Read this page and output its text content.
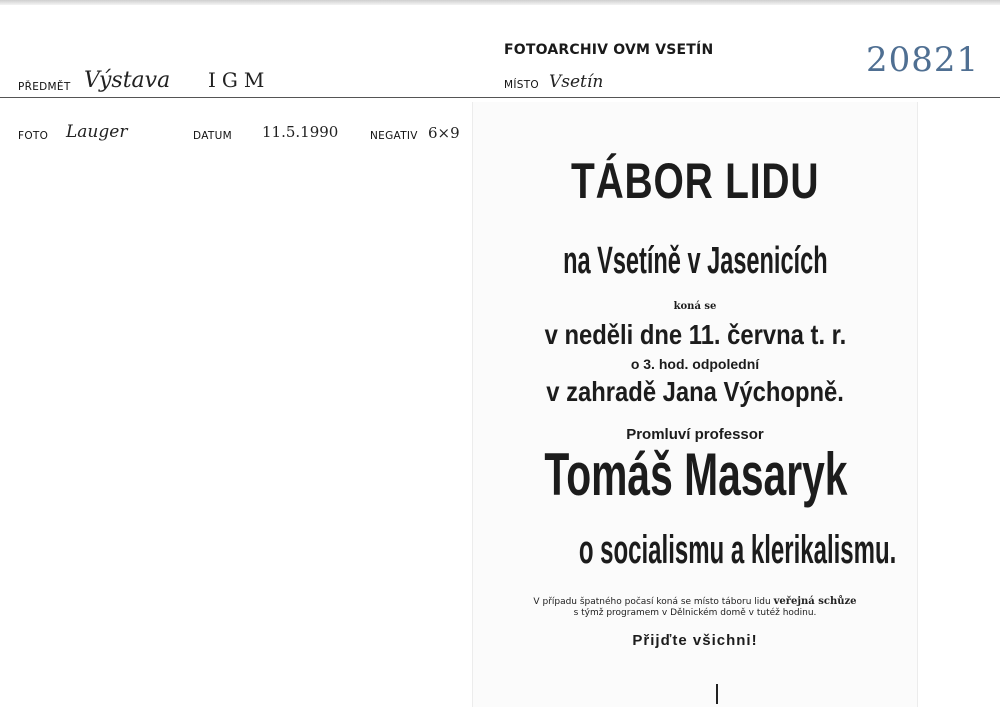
FOTOARCHIV OVM VSETÍN	20821
PŘEDMĚT Výstava IGM	MÍSTO Vsetín
FOTO Lauger	DATUM 11.5.1990	NEGATIV 6×9
TÁBOR LIDU
na Vsetíně v Jasenicích
koná se
v neděli dne 11. června t. r.
o 3. hod. odpolední
v zahradě Jana Výchopně.
Promluví professor
Tomáš Masaryk
o socialismu a klerikalismu.
V případu špatného počasí koná se místo táboru lidu veřejná schůze
s týmž programem v Dělnickém domě v tutéž hodinu.
Přijďte všichni!
